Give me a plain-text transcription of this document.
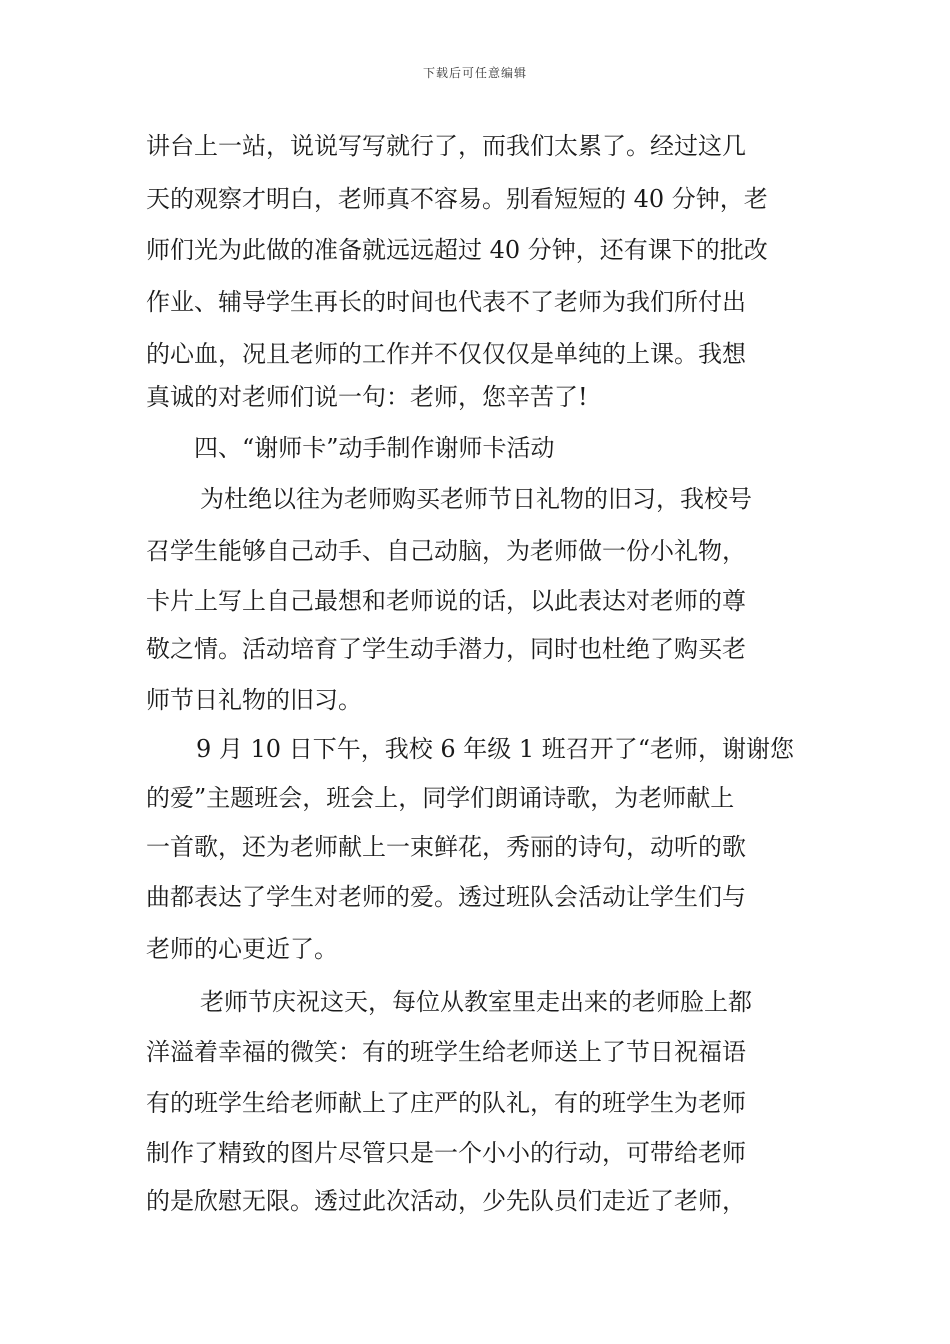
下载后可任意编辑
讲台上一站，说说写写就行了，而我们太累了。经过这几
天的观察才明白，老师真不容易。别看短短的 40 分钟，老
师们光为此做的准备就远远超过 40 分钟，还有课下的批改
作业、辅导学生再长的时间也代表不了老师为我们所付出
的心血，况且老师的工作并不仅仅仅是单纯的上课。我想
真诚的对老师们说一句：老师，您辛苦了!
四、“谢师卡”动手制作谢师卡活动
为杜绝以往为老师购买老师节日礼物的旧习，我校号
召学生能够自己动手、自己动脑，为老师做一份小礼物，
卡片上写上自己最想和老师说的话，以此表达对老师的尊
敬之情。活动培育了学生动手潜力，同时也杜绝了购买老
师节日礼物的旧习。
9 月 10 日下午，我校 6 年级 1 班召开了“老师，谢谢您
的爱”主题班会，班会上，同学们朗诵诗歌，为老师献上
一首歌，还为老师献上一束鲜花，秀丽的诗句，动听的歌
曲都表达了学生对老师的爱。透过班队会活动让学生们与
老师的心更近了。
老师节庆祝这天，每位从教室里走出来的老师脸上都
洋溢着幸福的微笑：有的班学生给老师送上了节日祝福语
有的班学生给老师献上了庄严的队礼，有的班学生为老师
制作了精致的图片尽管只是一个小小的行动，可带给老师
的是欣慰无限。透过此次活动，少先队员们走近了老师，
